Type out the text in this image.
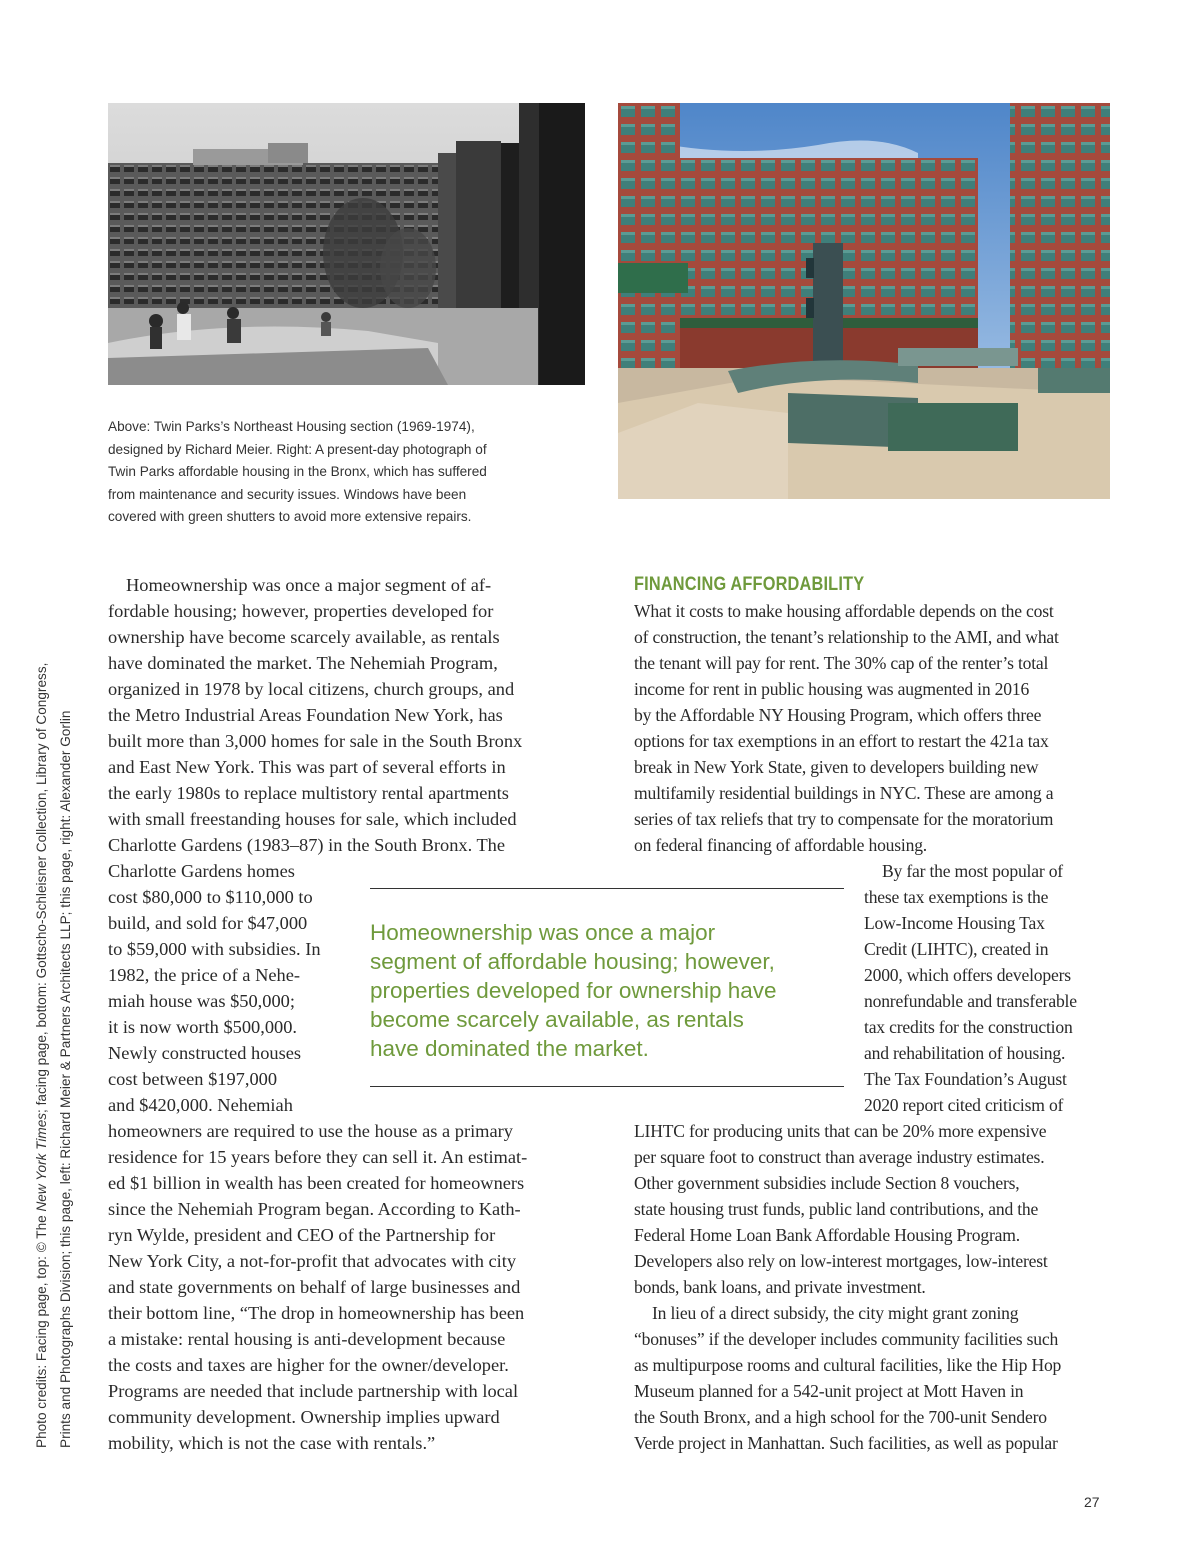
Above: Twin Parks’s Northeast Housing section (1969-1974),

designed by Richard Meier. Right: A present-day photograph of

Twin Parks affordable housing in the Bronx, which has suffered

from maintenance and security issues. Windows have been

covered with green shutters to avoid more extensive repairs.

Photo credits: Facing page, top: © The New York Times; facing page, bottom: Gottscho-Schleisner Collection, Library of Congress, Prints and Photographs Division; this page, left: Richard Meier & Partners Architects LLP; this page, right: Alexander Gorlin

Homeownership was once a major segment of af-

fordable housing; however, properties developed for

ownership have become scarcely available, as rentals

have dominated the market. The Nehemiah Program,

organized in 1978 by local citizens, church groups, and

the Metro Industrial Areas Foundation New York, has

built more than 3,000 homes for sale in the South Bronx

and East New York. This was part of several efforts in

the early 1980s to replace multistory rental apartments

with small freestanding houses for sale, which included

Charlotte Gardens (1983–87) in the South Bronx. The

Charlotte Gardens homes

cost $80,000 to $110,000 to

build, and sold for $47,000

to $59,000 with subsidies. In

1982, the price of a Nehe-

miah house was $50,000;

it is now worth $500,000.

Newly constructed houses

cost between $197,000

and $420,000. Nehemiah

homeowners are required to use the house as a primary

residence for 15 years before they can sell it. An estimat-

ed $1 billion in wealth has been created for homeowners

since the Nehemiah Program began. According to Kath-

ryn Wylde, president and CEO of the Partnership for

New York City, a not-for-profit that advocates with city

and state governments on behalf of large businesses and

their bottom line, “The drop in homeownership has been

a mistake: rental housing is anti-development because

the costs and taxes are higher for the owner/developer.

Programs are needed that include partnership with local

community development. Ownership implies upward

mobility, which is not the case with rentals.”

Homeownership was once a major

segment of affordable housing; however,

properties developed for ownership have

become scarcely available, as rentals

have dominated the market.

FINANCING AFFORDABILITY

What it costs to make housing affordable depends on the cost

of construction, the tenant’s relationship to the AMI, and what

the tenant will pay for rent. The 30% cap of the renter’s total

income for rent in public housing was augmented in 2016

by the Affordable NY Housing Program, which offers three

options for tax exemptions in an effort to restart the 421a tax

break in New York State, given to developers building new

multifamily residential buildings in NYC. These are among a

series of tax reliefs that try to compensate for the moratorium

on federal financing of affordable housing.

By far the most popular of

these tax exemptions is the

Low-Income Housing Tax

Credit (LIHTC), created in

2000, which offers developers

nonrefundable and transferable

tax credits for the construction

and rehabilitation of housing.

The Tax Foundation’s August

2020 report cited criticism of

LIHTC for producing units that can be 20% more expensive

per square foot to construct than average industry estimates.

Other government subsidies include Section 8 vouchers,

state housing trust funds, public land contributions, and the

Federal Home Loan Bank Affordable Housing Program.

Developers also rely on low-interest mortgages, low-interest

bonds, bank loans, and private investment.

In lieu of a direct subsidy, the city might grant zoning

“bonuses” if the developer includes community facilities such

as multipurpose rooms and cultural facilities, like the Hip Hop

Museum planned for a 542-unit project at Mott Haven in

the South Bronx, and a high school for the 700-unit Sendero

Verde project in Manhattan. Such facilities, as well as popular

27
